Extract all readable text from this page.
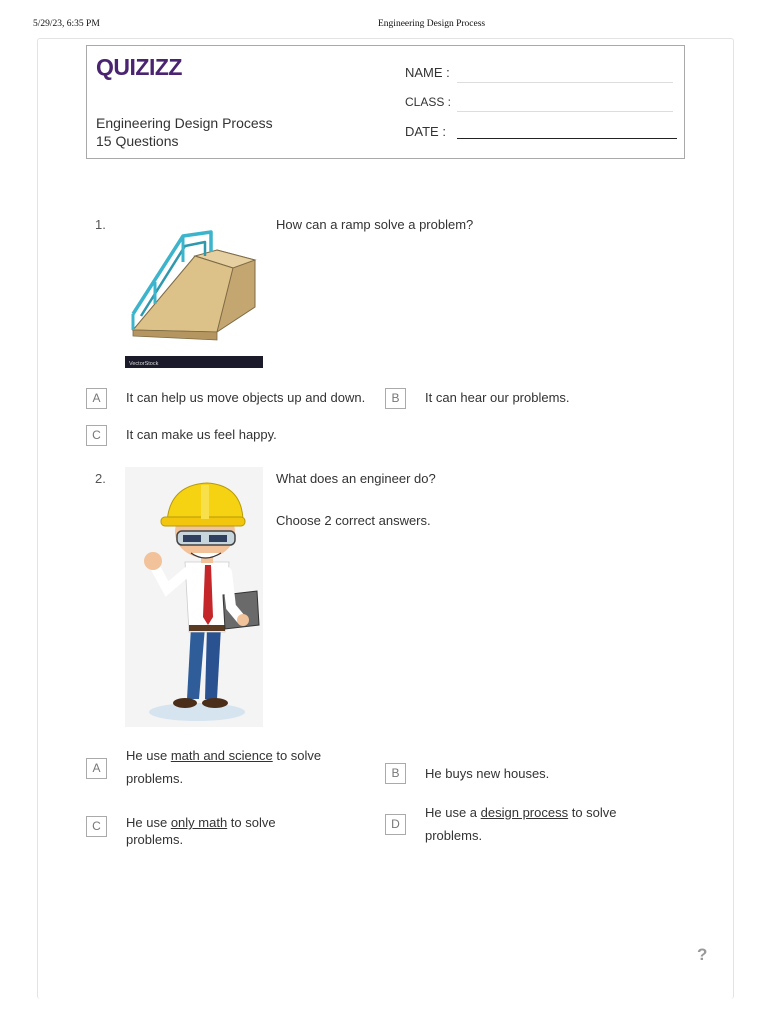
5/29/23, 6:35 PM	Engineering Design Process
QUIZIZZ
Engineering Design Process
15 Questions
NAME :
CLASS :
DATE :
1.
VectorStock
How can a ramp solve a problem?
A	It can help us move objects up and down.	B	It can hear our problems.
C	It can make us feel happy.
2.	What does an engineer do?
Choose 2 correct answers.
A
He use math and science to solve
problems.	B	He buys new houses.
C	He use only math to solve
problems.
D
He use a design process to solve
problems.
?
